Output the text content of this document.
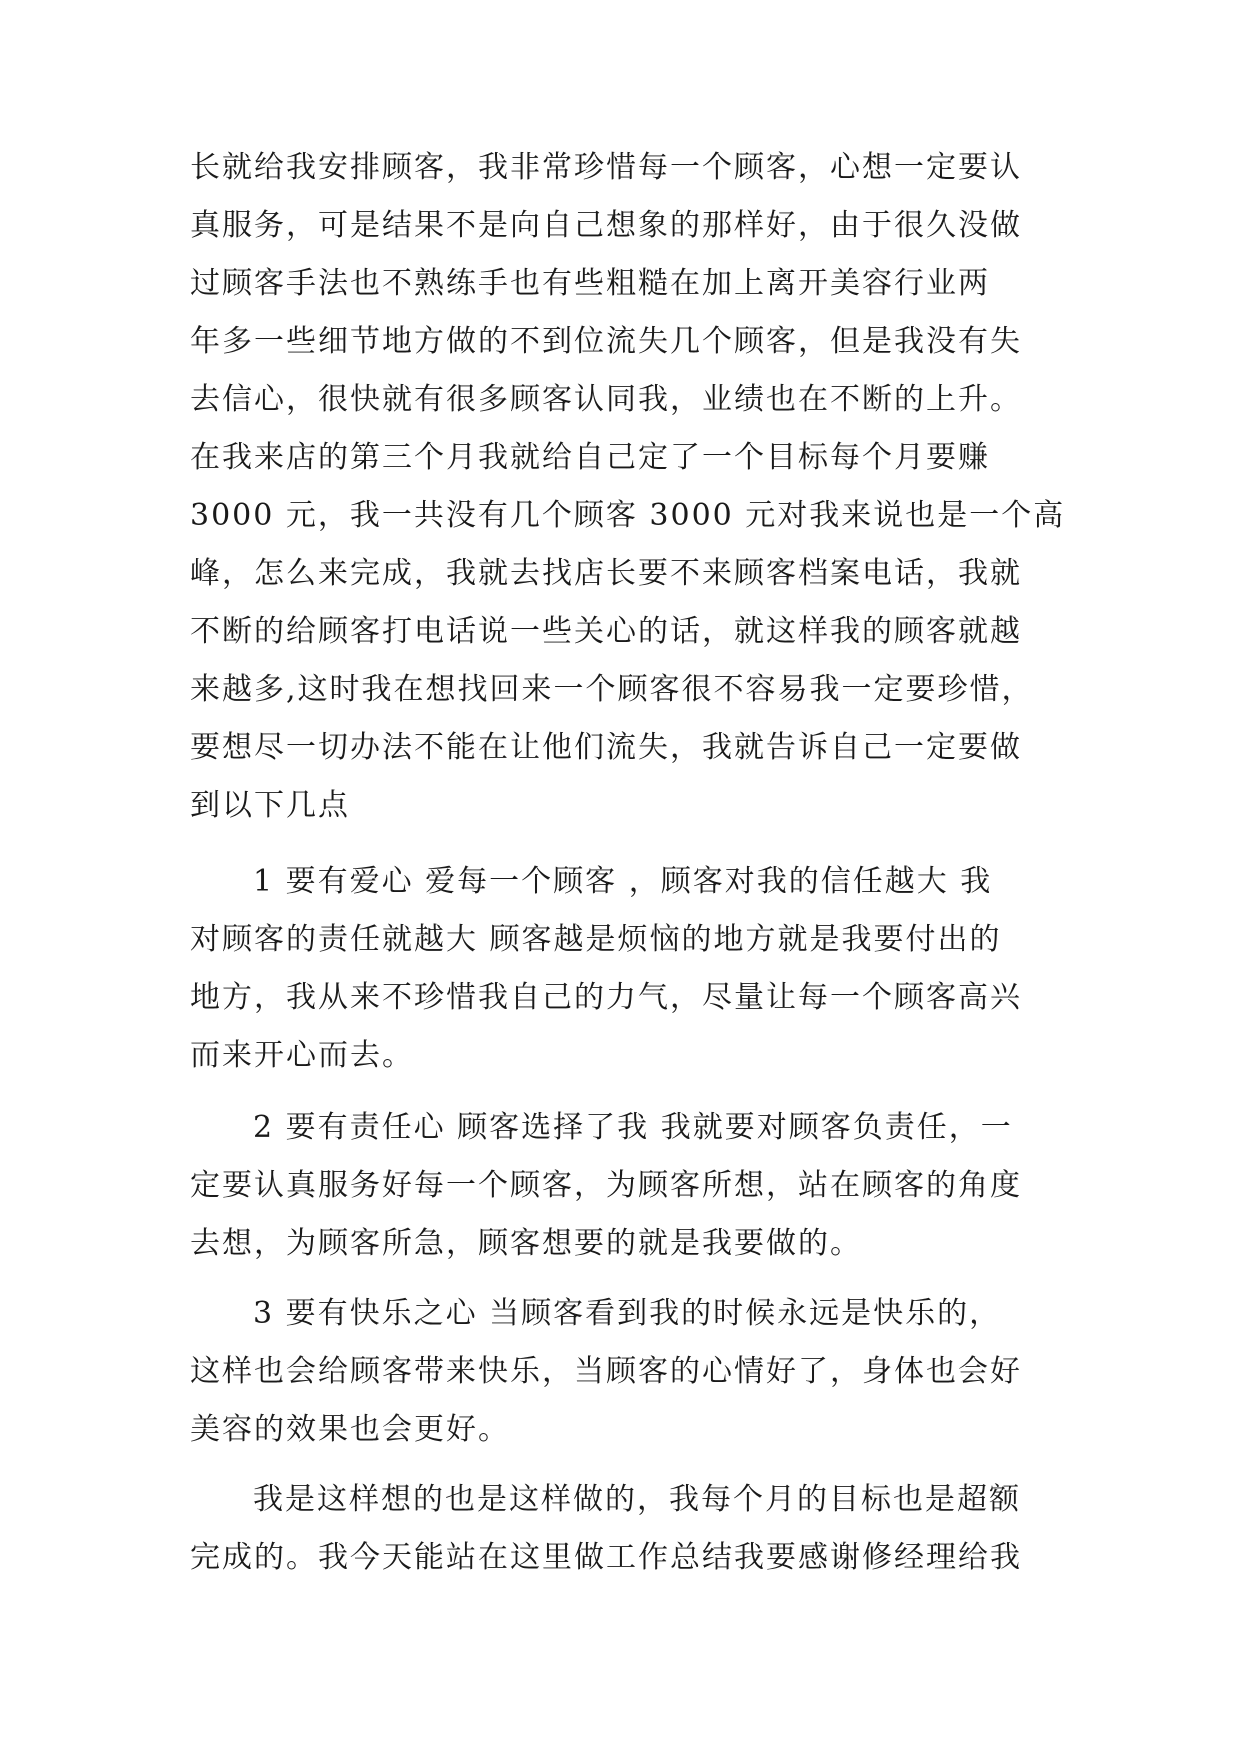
长就给我安排顾客，我非常珍惜每一个顾客，心想一定要认
真服务，可是结果不是向自己想象的那样好，由于很久没做
过顾客手法也不熟练手也有些粗糙在加上离开美容行业两
年多一些细节地方做的不到位流失几个顾客，但是我没有失
去信心，很快就有很多顾客认同我，业绩也在不断的上升。
在我来店的第三个月我就给自己定了一个目标每个月要赚
3000 元，我一共没有几个顾客 3000 元对我来说也是一个高
峰，怎么来完成，我就去找店长要不来顾客档案电话，我就
不断的给顾客打电话说一些关心的话，就这样我的顾客就越
来越多,这时我在想找回来一个顾客很不容易我一定要珍惜，
要想尽一切办法不能在让他们流失，我就告诉自己一定要做
到以下几点
1 要有爱心 爱每一个顾客 ，顾客对我的信任越大 我
对顾客的责任就越大 顾客越是烦恼的地方就是我要付出的
地方，我从来不珍惜我自己的力气，尽量让每一个顾客高兴
而来开心而去。
2 要有责任心 顾客选择了我 我就要对顾客负责任，一
定要认真服务好每一个顾客，为顾客所想，站在顾客的角度
去想，为顾客所急，顾客想要的就是我要做的。
3 要有快乐之心 当顾客看到我的时候永远是快乐的，
这样也会给顾客带来快乐，当顾客的心情好了，身体也会好
美容的效果也会更好。
我是这样想的也是这样做的，我每个月的目标也是超额
完成的。我今天能站在这里做工作总结我要感谢修经理给我
